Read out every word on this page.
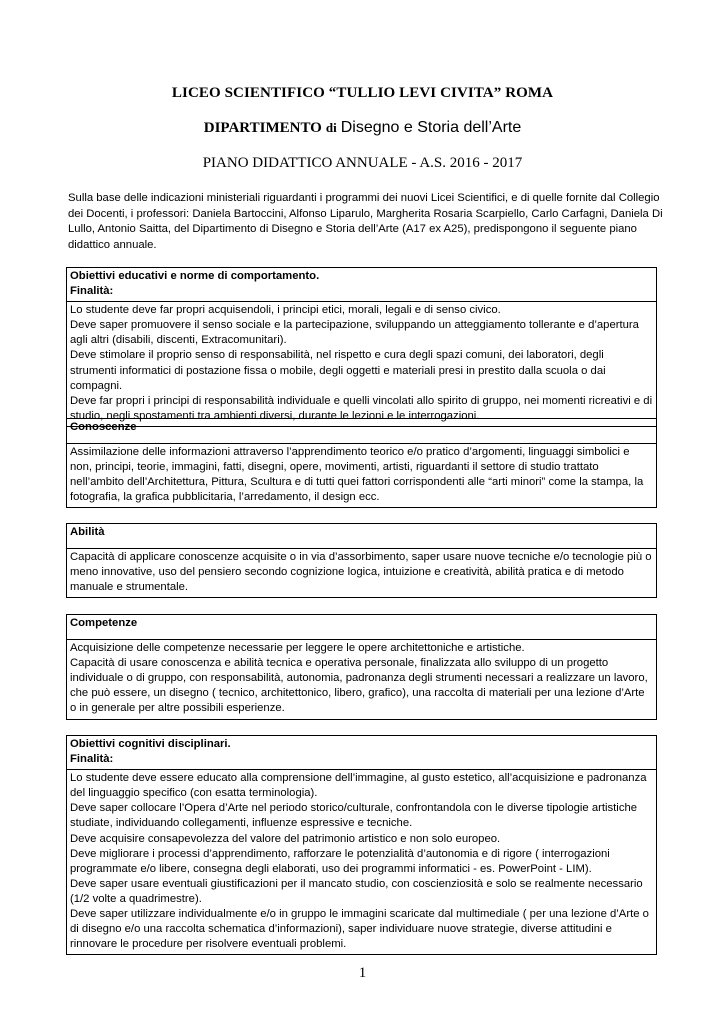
LICEO SCIENTIFICO “TULLIO LEVI CIVITA” ROMA
DIPARTIMENTO di Disegno e Storia dell’Arte
PIANO DIDATTICO ANNUALE - A.S. 2016 - 2017
Sulla base delle indicazioni ministeriali riguardanti i programmi dei nuovi Licei Scientifici, e di quelle fornite dal Collegio dei Docenti, i professori: Daniela Bartoccini, Alfonso Liparulo, Margherita Rosaria Scarpiello, Carlo Carfagni, Daniela Di Lullo, Antonio Saitta, del Dipartimento di Disegno e Storia dell’Arte (A17 ex A25), predispongono il seguente piano didattico annuale.
Obiettivi educativi e norme di comportamento.
Finalità:

Lo studente deve far propri acquisendoli, i principi etici, morali, legali e di senso civico.

Deve saper promuovere il senso sociale e la partecipazione, sviluppando un atteggiamento tollerante e d’apertura agli altri (disabili, discenti, Extracomunitari).

Deve stimolare il proprio senso di responsabilità, nel rispetto e cura degli spazi comuni, dei laboratori, degli strumenti informatici di postazione fissa o mobile, degli oggetti e materiali presi in prestito dalla scuola o dai compagni.

Deve far propri i principi di responsabilità individuale e quelli vincolati allo spirito di gruppo, nei momenti ricreativi e di studio, negli spostamenti tra ambienti diversi, durante le lezioni e le interrogazioni.

Conoscenze

Assimilazione delle informazioni attraverso l’apprendimento teorico e/o pratico d’argomenti, linguaggi simbolici e non, principi, teorie, immagini, fatti, disegni, opere, movimenti, artisti, riguardanti il settore di studio trattato nell’ambito dell’Architettura, Pittura, Scultura e di tutti quei fattori corrispondenti alle “arti minori” come la stampa, la fotografia, la grafica pubblicitaria, l’arredamento, il design ecc.

Abilità

Capacità di applicare conoscenze acquisite o in via d’assorbimento, saper usare nuove tecniche e/o tecnologie più o meno innovative, uso del pensiero secondo cognizione logica, intuizione e creatività, abilità pratica e di metodo manuale e strumentale.

Competenze

Acquisizione delle competenze necessarie per leggere le opere architettoniche e artistiche.

Capacità di usare conoscenza e abilità tecnica e operativa personale, finalizzata allo sviluppo di un progetto individuale o di gruppo, con responsabilità, autonomia, padronanza degli strumenti necessari a realizzare un lavoro, che può essere, un disegno ( tecnico, architettonico, libero, grafico), una raccolta di materiali per una lezione d’Arte o in generale per altre possibili esperienze.

Obiettivi cognitivi disciplinari.
Finalità:

Lo studente deve essere educato alla comprensione dell’immagine, al gusto estetico, all’acquisizione e padronanza del linguaggio specifico (con esatta terminologia).

Deve saper collocare l’Opera d’Arte nel periodo storico/culturale, confrontandola con le diverse tipologie artistiche studiate, individuando collegamenti, influenze espressive e tecniche.

Deve acquisire consapevolezza del valore del patrimonio artistico e non solo europeo.

Deve migliorare i processi d’apprendimento, rafforzare le potenzialità d’autonomia e di rigore ( interrogazioni programmate e/o libere, consegna degli elaborati, uso dei programmi informatici - es. PowerPoint - LIM).

Deve saper usare eventuali giustificazioni per il mancato studio, con coscienziosità e solo se realmente necessario (1/2 volte a quadrimestre).

Deve saper utilizzare individualmente e/o in gruppo le immagini scaricate dal multimediale ( per una lezione d’Arte o di disegno e/o una raccolta schematica d’informazioni), saper individuare nuove strategie, diverse attitudini e rinnovare le procedure per risolvere eventuali problemi.

1
